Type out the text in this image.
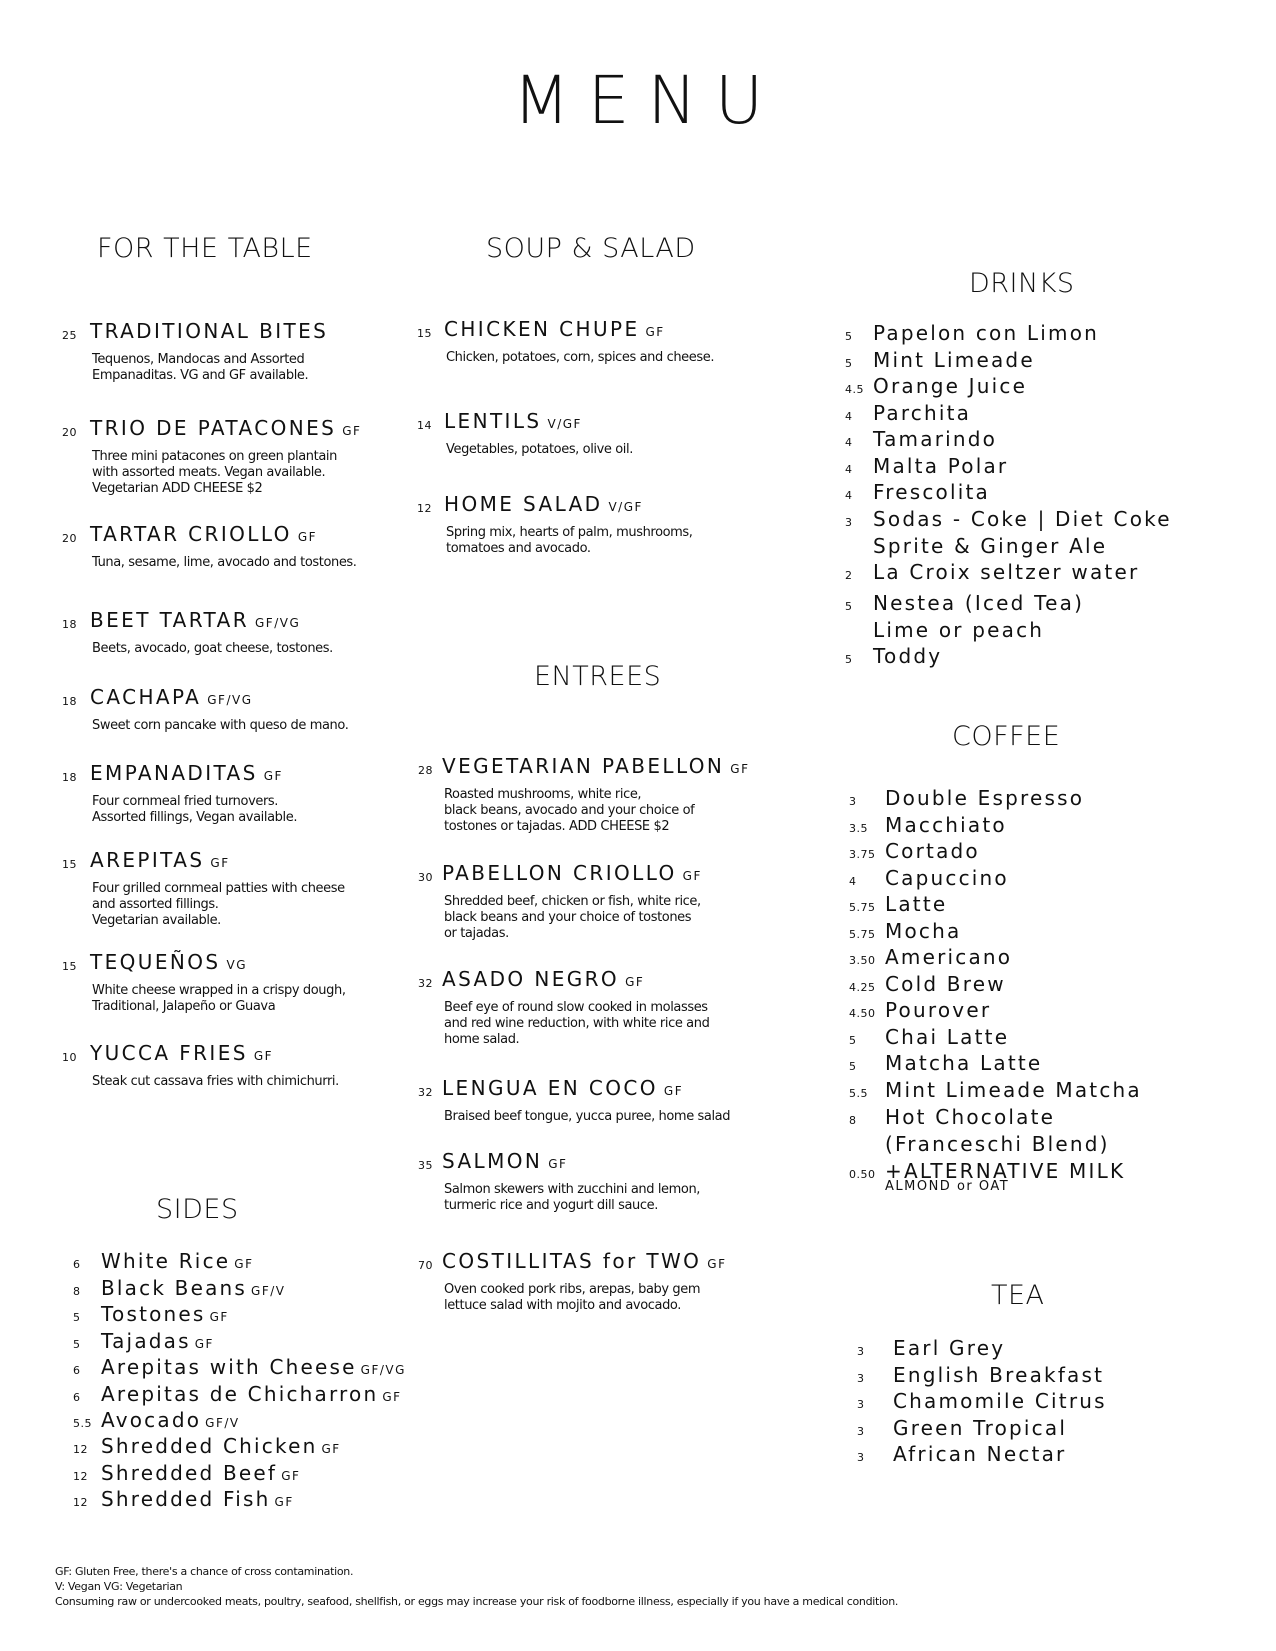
MENU
FOR THE TABLE	SOUP & SALAD
DRINKS
ENTREES
COFFEE
SIDES
TEA
25 TRADITIONAL BITES
Tequenos, Mandocas and Assorted
Empanaditas. VG and GF available.
20 TRIO DE PATACONES GF
Three mini patacones on green plantain
with assorted meats. Vegan available.
Vegetarian ADD CHEESE $2
20 TARTAR CRIOLLO GF
Tuna, sesame, lime, avocado and tostones.
18 BEET TARTAR GF/VG
Beets, avocado, goat cheese, tostones.
18 CACHAPA GF/VG
Sweet corn pancake with queso de mano.
18 EMPANADITAS GF
Four cornmeal fried turnovers.
Assorted fillings, Vegan available.
15 AREPITAS GF
Four grilled cornmeal patties with cheese
and assorted fillings.
Vegetarian available.
15 TEQUEÑOS VG
White cheese wrapped in a crispy dough,
Traditional, Jalapeño or Guava
10 YUCCA FRIES GF
Steak cut cassava fries with chimichurri.
15 CHICKEN CHUPE GF
Chicken, potatoes, corn, spices and cheese.
14 LENTILS V/GF
Vegetables, potatoes, olive oil.
12 HOME SALAD V/GF
Spring mix, hearts of palm, mushrooms,
tomatoes and avocado.
28 VEGETARIAN PABELLON GF
Roasted mushrooms, white rice,
black beans, avocado and your choice of
tostones or tajadas. ADD CHEESE $2
30 PABELLON CRIOLLO GF
Shredded beef, chicken or fish, white rice,
black beans and your choice of tostones
or tajadas.
32 ASADO NEGRO GF
Beef eye of round slow cooked in molasses
and red wine reduction, with white rice and
home salad.
32 LENGUA EN COCO GF
Braised beef tongue, yucca puree, home salad
35 SALMON GF
Salmon skewers with zucchini and lemon,
turmeric rice and yogurt dill sauce.
70 COSTILLITAS for TWO GF
Oven cooked pork ribs, arepas, baby gem
lettuce salad with mojito and avocado.
6 White Rice GF
8 Black Beans GF/V
5 Tostones GF
5 Tajadas GF
6 Arepitas with Cheese GF/VG
6 Arepitas de Chicharron GF
5.5 Avocado GF/V
12 Shredded Chicken GF
12 Shredded Beef GF
12 Shredded Fish GF
5 Papelon con Limon
5 Mint Limeade
4.5 Orange Juice
4 Parchita
4 Tamarindo
4 Malta Polar
4 Frescolita
3 Sodas - Coke | Diet Coke
Sprite & Ginger Ale
2 La Croix seltzer water
5 Nestea (Iced Tea)
Lime or peach
5 Toddy
3 Double Espresso
3.5 Macchiato
3.75 Cortado
4 Capuccino
5.75 Latte
5.75 Mocha
3.50 Americano
4.25 Cold Brew
4.50 Pourover
5 Chai Latte
5 Matcha Latte
5.5 Mint Limeade Matcha
8 Hot Chocolate
(Franceschi Blend)
0.50 +ALTERNATIVE MILK
ALMOND or OAT
3 Earl Grey
3 English Breakfast
3 Chamomile Citrus
3 Green Tropical
3 African Nectar
GF: Gluten Free, there's a chance of cross contamination.
V: Vegan VG: Vegetarian
Consuming raw or undercooked meats, poultry, seafood, shellfish, or eggs may increase your risk of foodborne illness, especially if you have a medical condition.
